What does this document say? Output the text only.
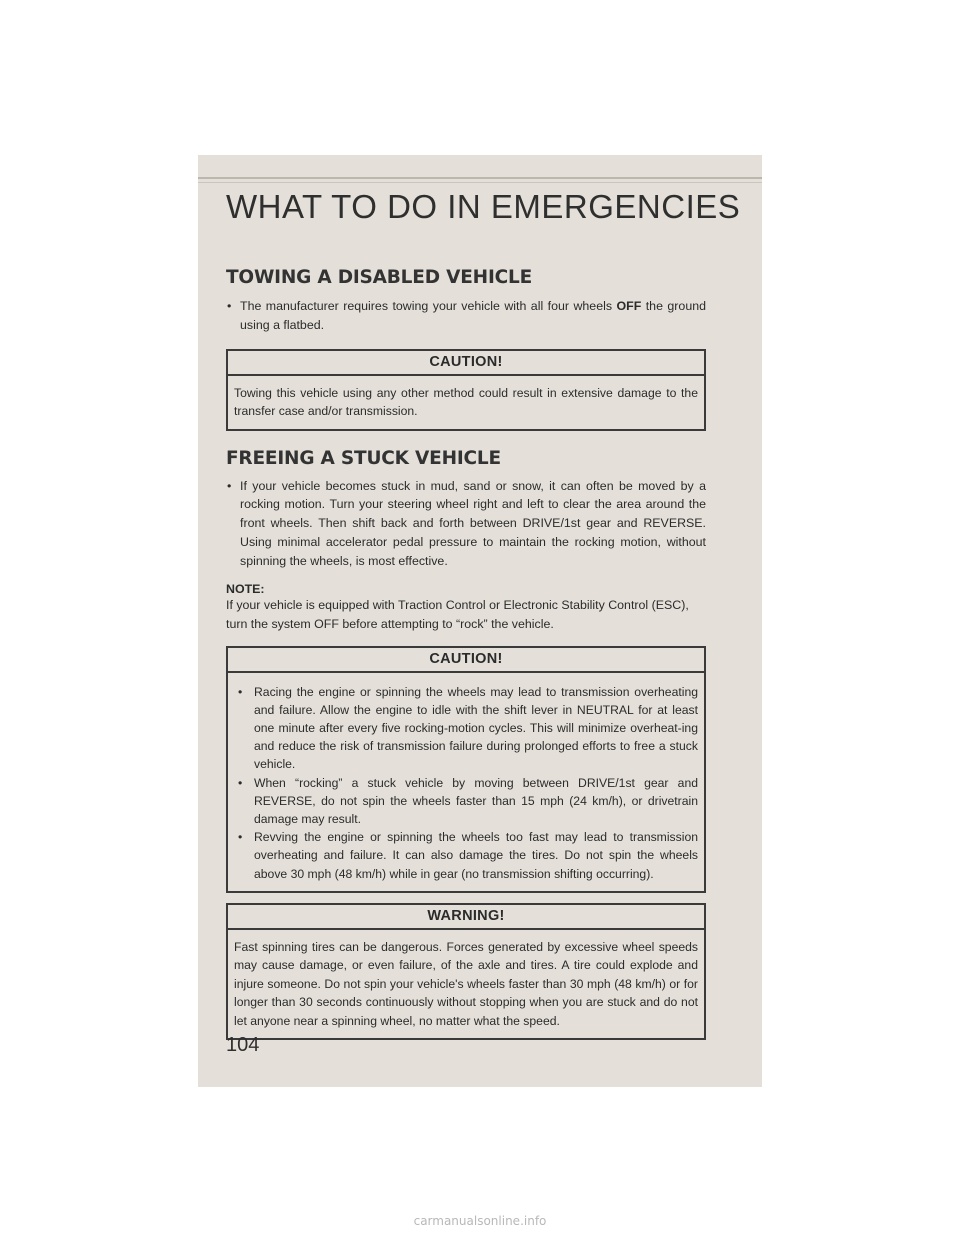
WHAT TO DO IN EMERGENCIES
TOWING A DISABLED VEHICLE
• The manufacturer requires towing your vehicle with all four wheels OFF the ground using a flatbed.
CAUTION!
Towing this vehicle using any other method could result in extensive damage to the transfer case and/or transmission.
FREEING A STUCK VEHICLE
• If your vehicle becomes stuck in mud, sand or snow, it can often be moved by a rocking motion. Turn your steering wheel right and left to clear the area around the front wheels. Then shift back and forth between DRIVE/1st gear and REVERSE. Using minimal accelerator pedal pressure to maintain the rocking motion, without spinning the wheels, is most effective.

NOTE:

If your vehicle is equipped with Traction Control or Electronic Stability Control (ESC), turn the system OFF before attempting to “rock” the vehicle.

CAUTION!
• Racing the engine or spinning the wheels may lead to transmission overheating and failure. Allow the engine to idle with the shift lever in NEUTRAL for at least one minute after every five rocking-motion cycles. This will minimize overheat-ing and reduce the risk of transmission failure during prolonged efforts to free a stuck vehicle.
• When “rocking” a stuck vehicle by moving between DRIVE/1st gear and REVERSE, do not spin the wheels faster than 15 mph (24 km/h), or drivetrain damage may result.
• Revving the engine or spinning the wheels too fast may lead to transmission overheating and failure. It can also damage the tires. Do not spin the wheels above 30 mph (48 km/h) while in gear (no transmission shifting occurring).
WARNING!
Fast spinning tires can be dangerous. Forces generated by excessive wheel speeds may cause damage, or even failure, of the axle and tires. A tire could explode and injure someone. Do not spin your vehicle's wheels faster than 30 mph (48 km/h) or for longer than 30 seconds continuously without stopping when you are stuck and do not let anyone near a spinning wheel, no matter what the speed.
104
carmanualsonline.info
